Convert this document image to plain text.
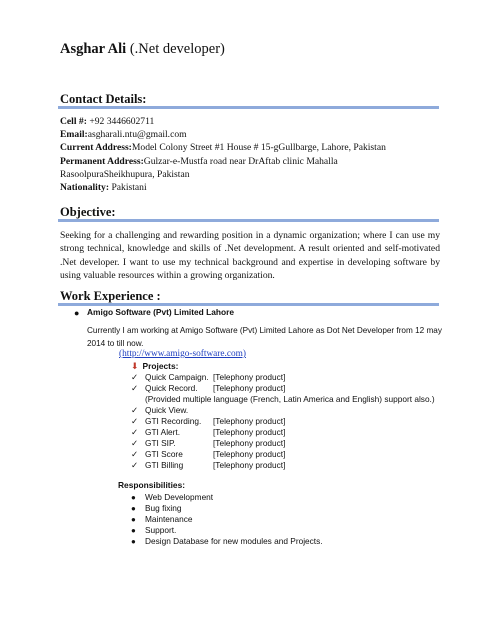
Asghar Ali (.Net developer)
Contact Details:
Cell #: +92 3446602711
Email:asgharali.ntu@gmail.com
Current Address:Model Colony Street #1 House # 15-gGullbarge, Lahore, Pakistan
Permanent Address:Gulzar-e-Mustfa road near DrAftab clinic Mahalla
RasoolpuraSheikhupura, Pakistan
Nationality: Pakistani
Objective:
Seeking for a challenging and rewarding position in a dynamic organization; where I can use my strong technical, knowledge and skills of .Net development. A result oriented and self-motivated .Net developer. I want to use my technical background and expertise in developing software by using valuable resources within a growing organization.
Work Experience :
● Amigo Software (Pvt) Limited Lahore
Currently I am working at Amigo Software (Pvt) Limited Lahore as Dot Net Developer from 12 may 2014 to till now.
(http://www.amigo-software.com)
⬇ Projects:
✓ Quick Campaign. [Telephony product]
✓ Quick Record. [Telephony product]
(Provided multiple language (French, Latin America and English) support also.)
✓ Quick View.
✓ GTI Recording. [Telephony product]
✓ GTI Alert.	[Telephony product]
✓ GTI SIP.	[Telephony product]
✓ GTI Score	[Telephony product]
✓ GTI Billing	[Telephony product]
Responsibilities:
● Web Development
● Bug fixing
● Maintenance
● Support.
● Design Database for new modules and Projects.
